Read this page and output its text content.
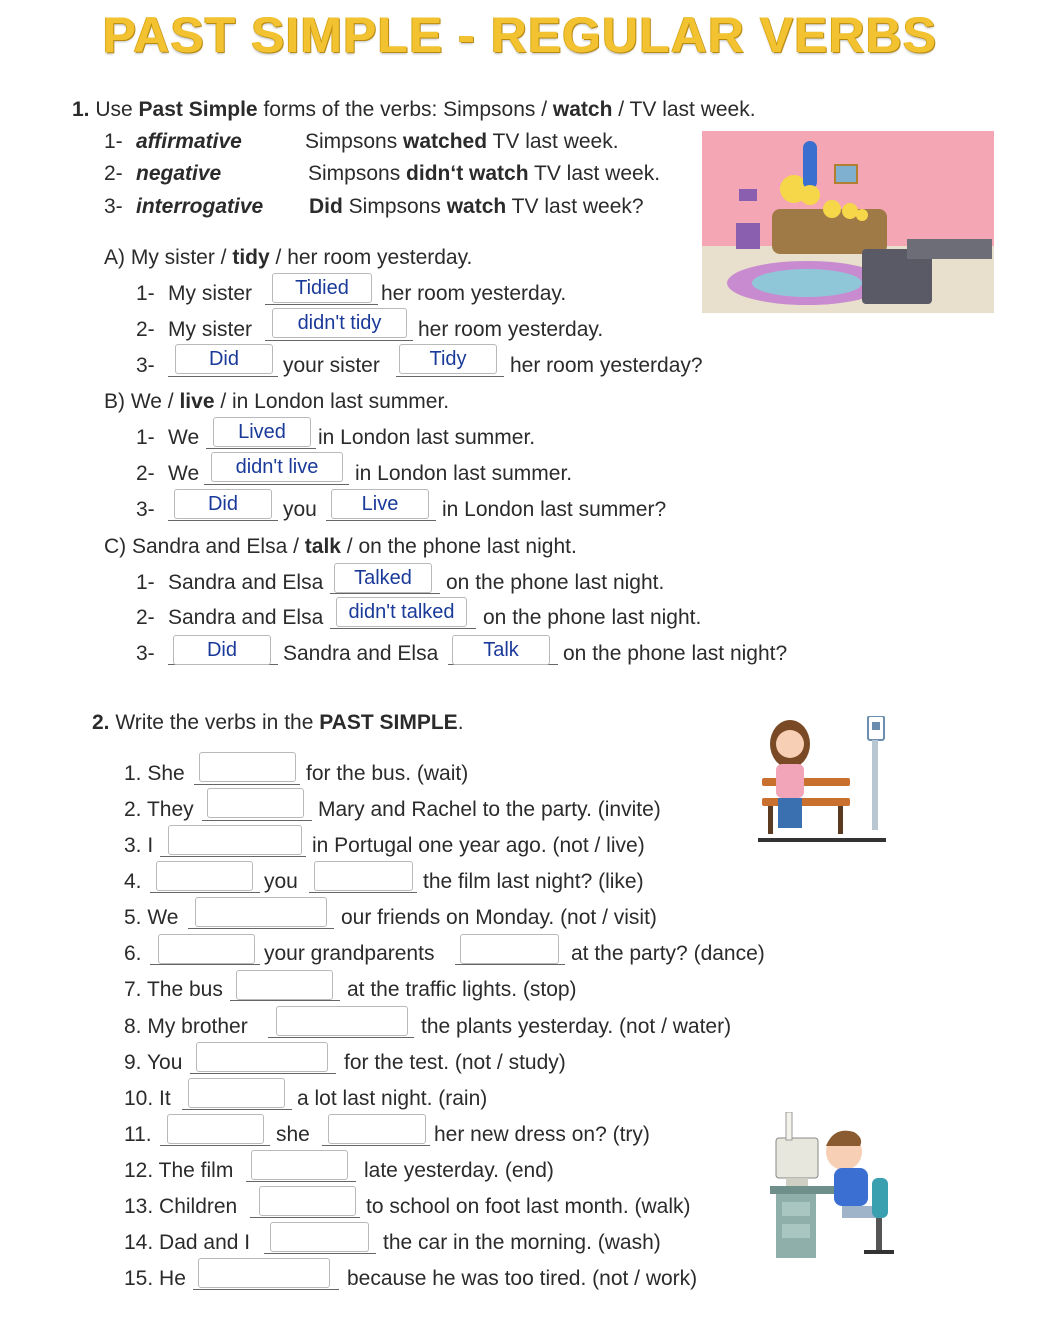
PAST SIMPLE - REGULAR VERBS
1. Use Past Simple forms of the verbs: Simpsons / watch / TV last week.
1- affirmative	Simpsons watched TV last week.
2- negative	Simpsons didn‘t watch TV last week.
3- interrogative Did Simpsons watch TV last week?
A) My sister / tidy / her room yesterday.
1- My sister	Tidied	her room yesterday.
2- My sister	didn't tidy	her room yesterday.
3-	Did	your sister	Tidy	her room yesterday?
B) We / live / in London last summer.
1- We	Lived	in London last summer.
2- We	didn't live	in London last summer.
3-	Did	you	Live	in London last summer?
C) Sandra and Elsa / talk / on the phone last night.
1- Sandra and Elsa	Talked	on the phone last night.
2- Sandra and Elsa	didn't talked	on the phone last night.
3-	Did	Sandra and Elsa	Talk	on the phone last night?
2. Write the verbs in the PAST SIMPLE.
1. She	for the bus. (wait)
2. They	Mary and Rachel to the party. (invite)
3. I	in Portugal one year ago. (not / live)
4.	you	the film last night? (like)
5. We	our friends on Monday. (not / visit)
6.	your grandparents	at the party? (dance)
7. The bus	at the traffic lights. (stop)
8. My brother	the plants yesterday. (not / water)
9. You	for the test. (not / study)
10. It	a lot last night. (rain)
11.	she	her new dress on? (try)
12. The film	late yesterday. (end)
13. Children	to school on foot last month. (walk)
14. Dad and I	the car in the morning. (wash)
15. He	because he was too tired. (not / work)
